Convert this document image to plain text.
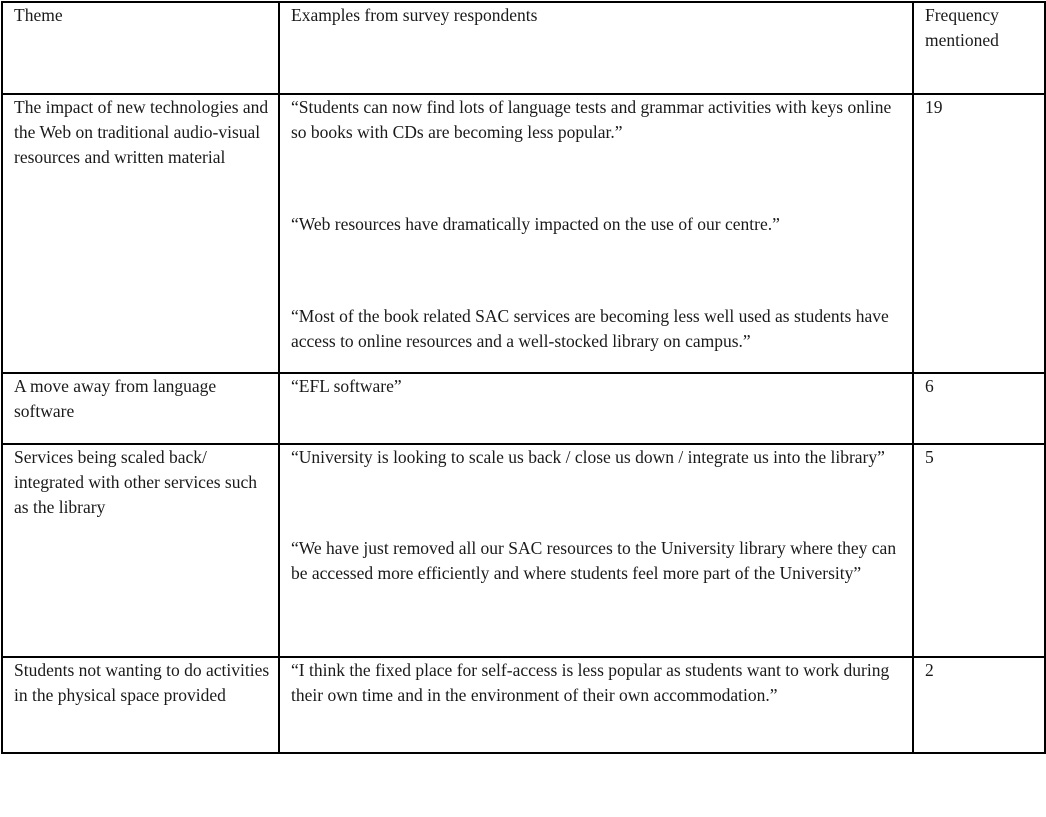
Theme	Examples from survey respondents	Frequency
mentioned

The impact of new technologies and the Web on traditional audio-visual resources and written material	“Students can now find lots of language tests and grammar activities with keys online so books with CDs are becoming less popular.”
“Web resources have dramatically impacted on the use of our centre.”
“Most of the book related SAC services are becoming less well used as students have access to online resources and a well-stocked library on campus.”	19

A move away from language software	“EFL software”	6

Services being scaled back/ integrated with other services such as the library	“University is looking to scale us back / close us down / integrate us into the library”
“We have just removed all our SAC resources to the University library where they can be accessed more efficiently and where students feel more part of the University”	5

Students not wanting to do activities in the physical space provided	“I think the fixed place for self-access is less popular as students want to work during their own time and in the environment of their own accommodation.”	2
